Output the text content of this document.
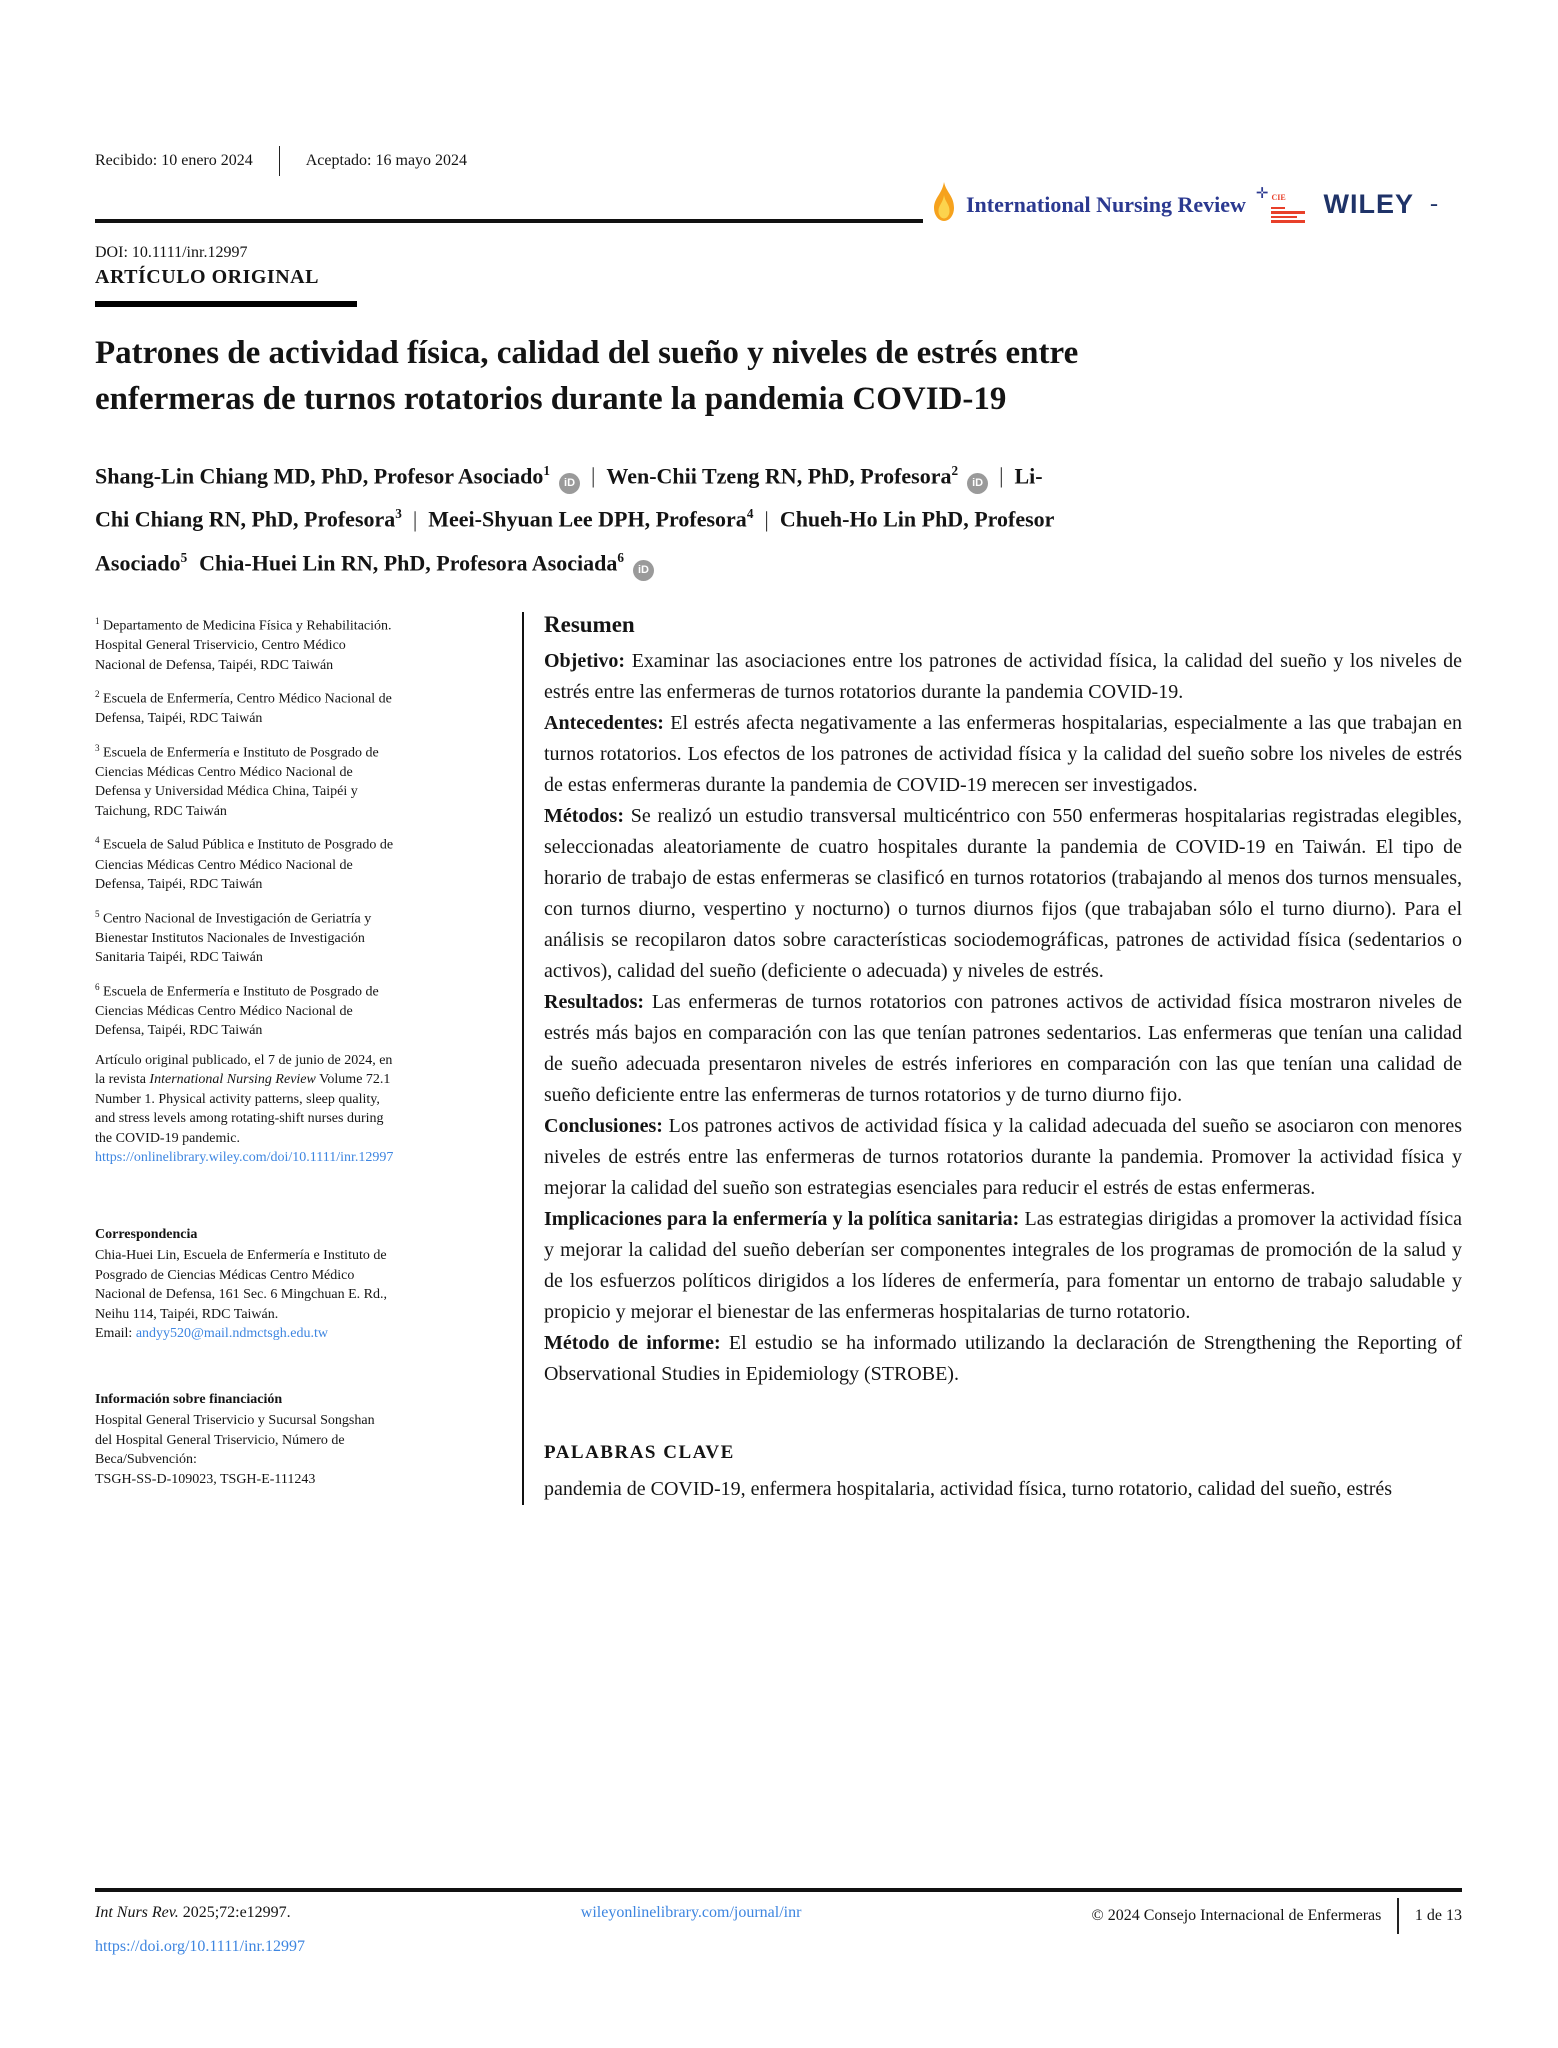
Recibido: 10 enero 2024	Aceptado: 16 mayo 2024
DOI: 10.1111/inr.12997
International Nursing Review ✛ CIE	WILEY -
ARTÍCULO ORIGINAL
Patrones de actividad física, calidad del sueño y niveles de estrés entre
enfermeras de turnos rotatorios durante la pandemia COVID-19
Shang-Lin Chiang MD, PhD, Profesor Asociado$^1$iD | Wen-Chii Tzeng RN, PhD, Profesora$^2$iD | Li-
Chi Chiang RN, PhD, Profesora$^3$ | Meei-Shyuan Lee DPH, Profesora$^4$ | Chueh-Ho Lin PhD, Profesor
Asociado$^5$ Chia-Huei Lin RN, PhD, Profesora Asociada$^6$iD

$^1$ Departamento de Medicina Física y Rehabilitación. Hospital General Triservicio, Centro Médico Nacional de Defensa, Taipéi, RDC Taiwán

$^2$ Escuela de Enfermería, Centro Médico Nacional de Defensa, Taipéi, RDC Taiwán

$^3$ Escuela de Enfermería e Instituto de Posgrado de Ciencias Médicas Centro Médico Nacional de Defensa y Universidad Médica China, Taipéi y Taichung, RDC Taiwán

$^4$ Escuela de Salud Pública e Instituto de Posgrado de Ciencias Médicas Centro Médico Nacional de Defensa, Taipéi, RDC Taiwán

$^5$ Centro Nacional de Investigación de Geriatría y Bienestar Institutos Nacionales de Investigación Sanitaria Taipéi, RDC Taiwán

$^6$ Escuela de Enfermería e Instituto de Posgrado de Ciencias Médicas Centro Médico Nacional de Defensa, Taipéi, RDC Taiwán

Artículo original publicado, el 7 de junio de 2024, en la revista International Nursing Review Volume 72.1 Number 1. Physical activity patterns, sleep quality, and stress levels among rotating-shift nurses during the COVID-19 pandemic.
https://onlinelibrary.wiley.com/doi/10.1111/inr.12997

Correspondencia

Chia-Huei Lin, Escuela de Enfermería e Instituto de Posgrado de Ciencias Médicas Centro Médico Nacional de Defensa, 161 Sec. 6 Mingchuan E. Rd., Neihu 114, Taipéi, RDC Taiwán.
Email: andyy520@mail.ndmctsgh.edu.tw

Información sobre financiación

Hospital General Triservicio y Sucursal Songshan del Hospital General Triservicio, Número de Beca/Subvención:
TSGH-SS-D-109023, TSGH-E-111243

Resumen

Objetivo: Examinar las asociaciones entre los patrones de actividad física, la calidad del sueño y los niveles de estrés entre las enfermeras de turnos rotatorios durante la pandemia COVID-19.

Antecedentes: El estrés afecta negativamente a las enfermeras hospitalarias, especialmente a las que trabajan en turnos rotatorios. Los efectos de los patrones de actividad física y la calidad del sueño sobre los niveles de estrés de estas enfermeras durante la pandemia de COVID-19 merecen ser investigados.

Métodos: Se realizó un estudio transversal multicéntrico con 550 enfermeras hospitalarias registradas elegibles, seleccionadas aleatoriamente de cuatro hospitales durante la pandemia de COVID-19 en Taiwán. El tipo de horario de trabajo de estas enfermeras se clasificó en turnos rotatorios (trabajando al menos dos turnos mensuales, con turnos diurno, vespertino y nocturno) o turnos diurnos fijos (que trabajaban sólo el turno diurno). Para el análisis se recopilaron datos sobre características sociodemográficas, patrones de actividad física (sedentarios o activos), calidad del sueño (deficiente o adecuada) y niveles de estrés.

Resultados: Las enfermeras de turnos rotatorios con patrones activos de actividad física mostraron niveles de estrés más bajos en comparación con las que tenían patrones sedentarios. Las enfermeras que tenían una calidad de sueño adecuada presentaron niveles de estrés inferiores en comparación con las que tenían una calidad de sueño deficiente entre las enfermeras de turnos rotatorios y de turno diurno fijo.

Conclusiones: Los patrones activos de actividad física y la calidad adecuada del sueño se asociaron con menores niveles de estrés entre las enfermeras de turnos rotatorios durante la pandemia. Promover la actividad física y mejorar la calidad del sueño son estrategias esenciales para reducir el estrés de estas enfermeras.

Implicaciones para la enfermería y la política sanitaria: Las estrategias dirigidas a promover la actividad física y mejorar la calidad del sueño deberían ser componentes integrales de los programas de promoción de la salud y de los esfuerzos políticos dirigidos a los líderes de enfermería, para fomentar un entorno de trabajo saludable y propicio y mejorar el bienestar de las enfermeras hospitalarias de turno rotatorio.

Método de informe: El estudio se ha informado utilizando la declaración de Strengthening the Reporting of Observational Studies in Epidemiology (STROBE).

PALABRAS CLAVE

pandemia de COVID-19, enfermera hospitalaria, actividad física, turno rotatorio, calidad del sueño, estrés

Int Nurs Rev. 2025;72:e12997.	wileyonlinelibrary.com/journal/inr	© 2024 Consejo Internacional de Enfermeras 1 de 13
https://doi.org/10.1111/inr.12997
